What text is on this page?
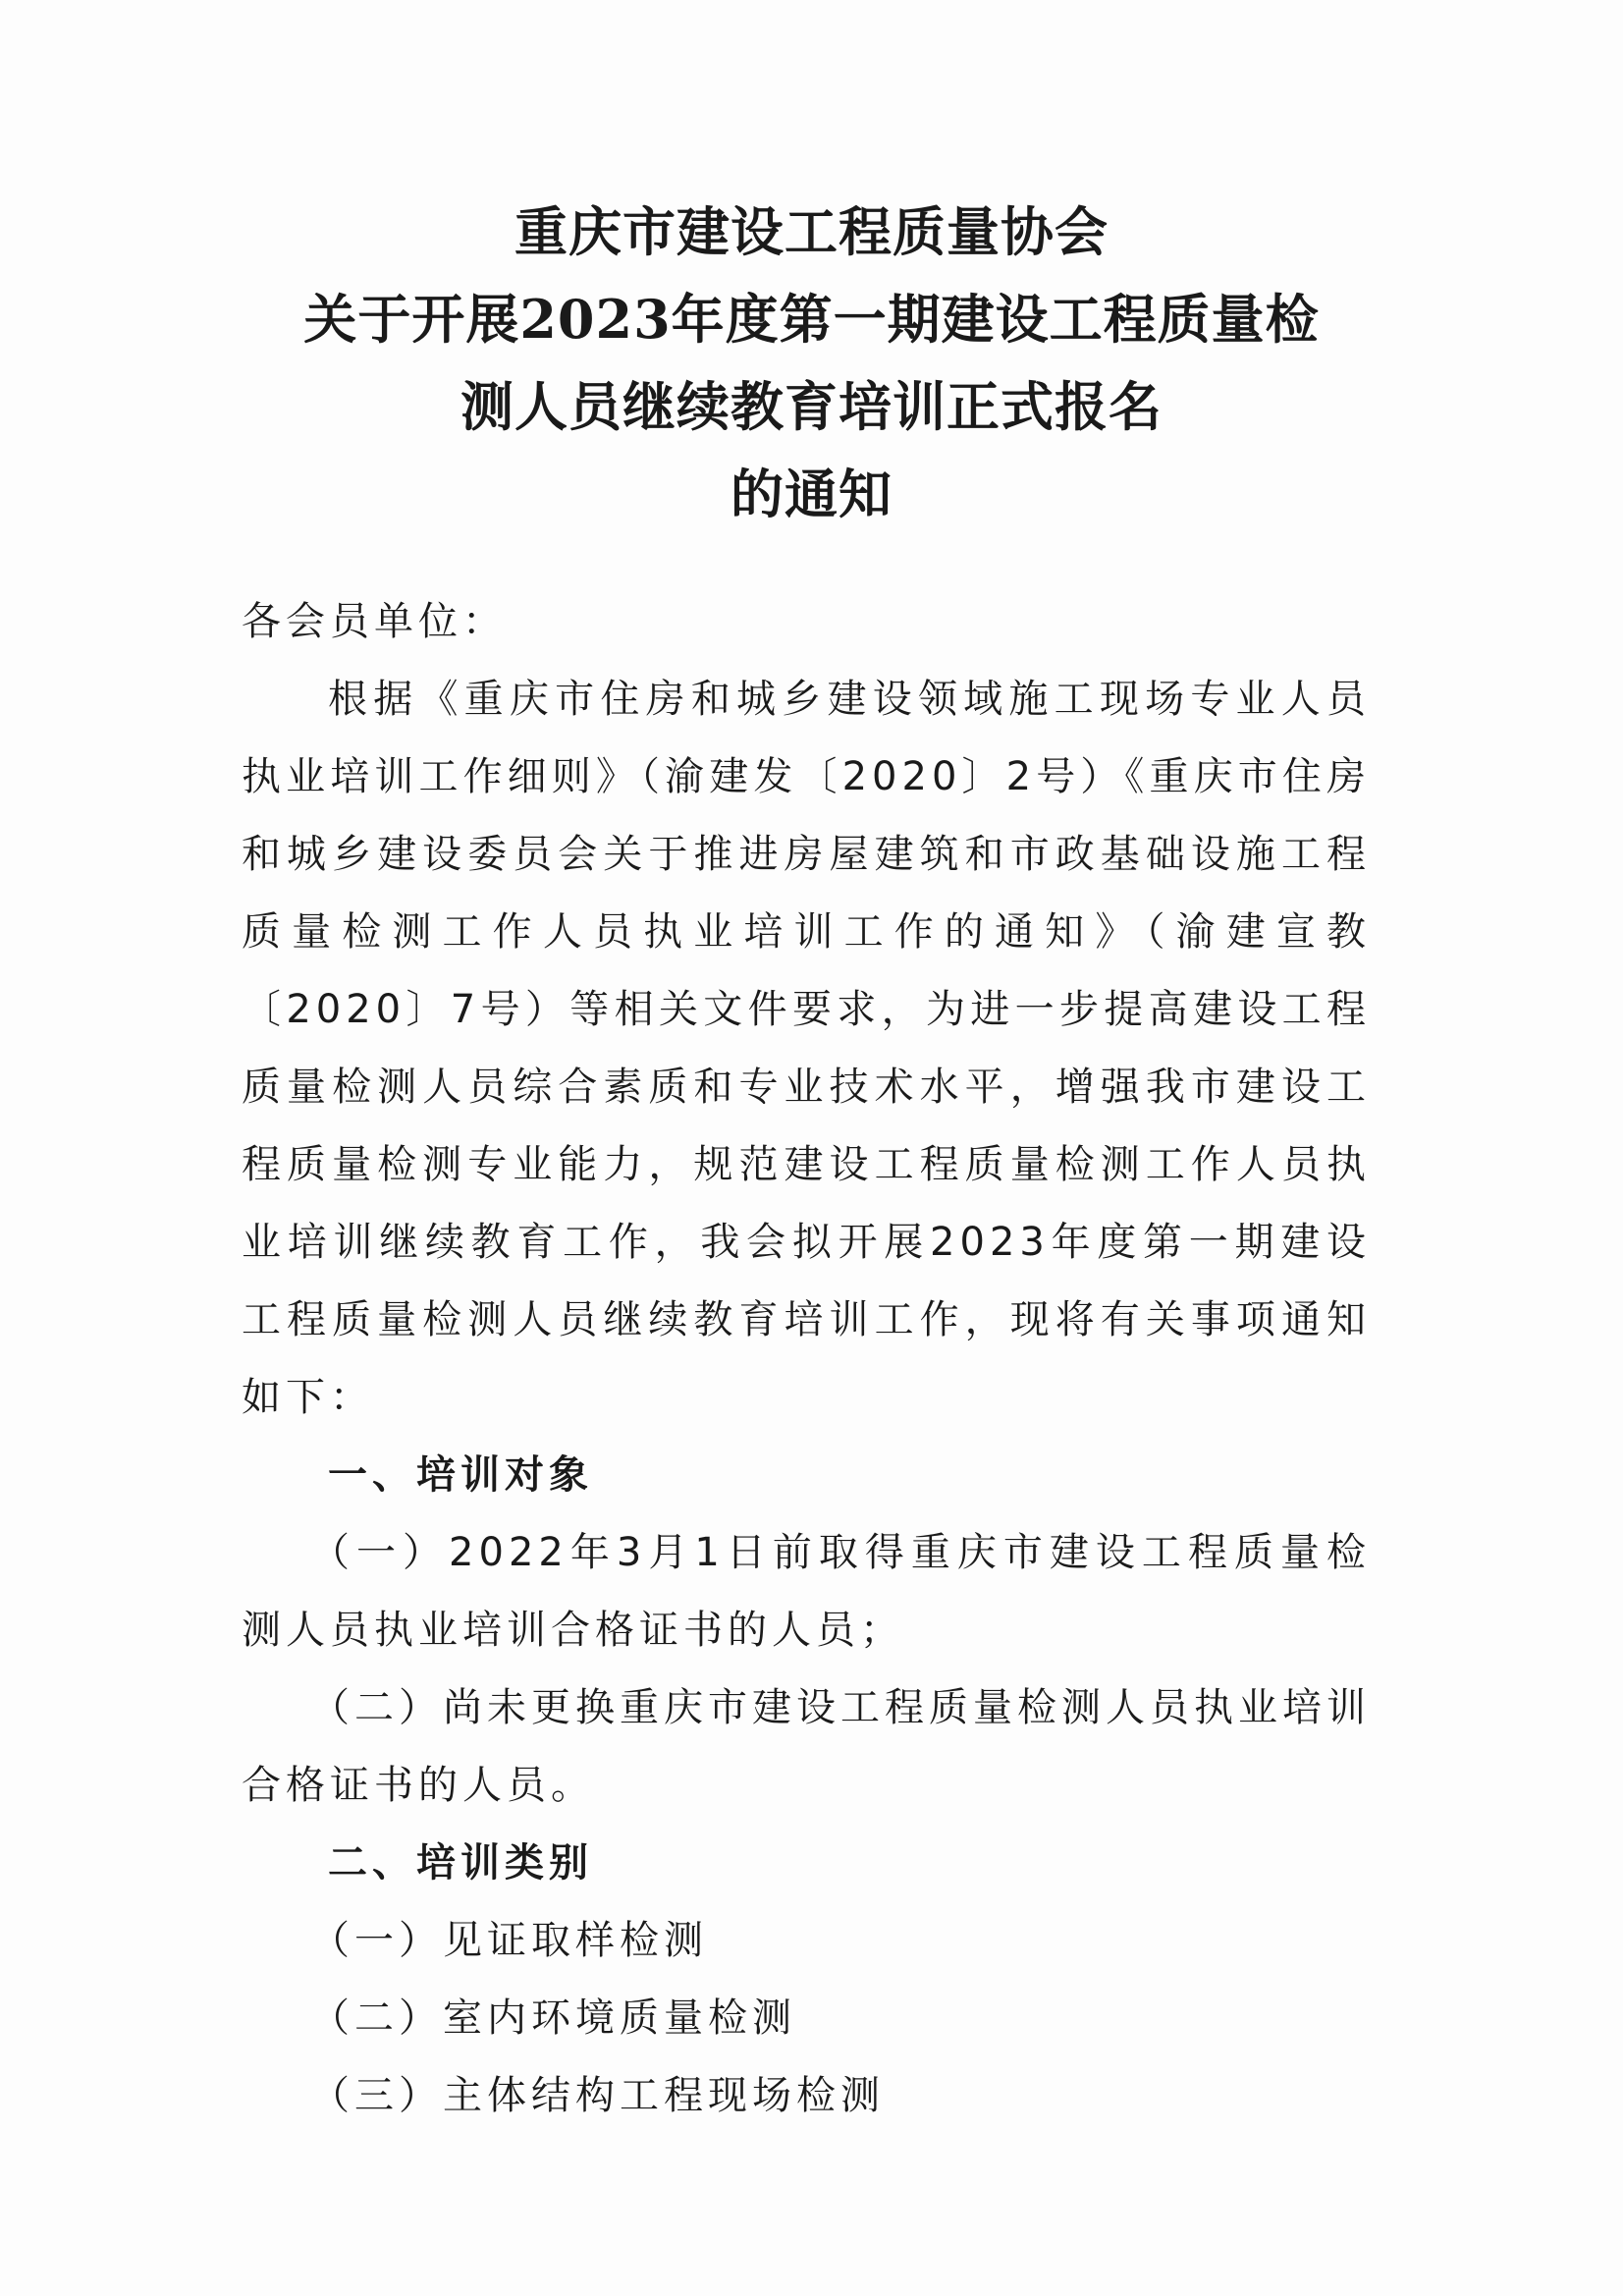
重庆市建设工程质量协会
关于开展2023年度第一期建设工程质量检
测人员继续教育培训正式报名
的通知
各会员单位：
根据《重庆市住房和城乡建设领域施工现场专业人员执业培训工作细则》（渝建发〔2020〕2号）《重庆市住房和城乡建设委员会关于推进房屋建筑和市政基础设施工程质量检测工作人员执业培训工作的通知》（渝建宣教〔2020〕7号）等相关文件要求，为进一步提高建设工程质量检测人员综合素质和专业技术水平，增强我市建设工程质量检测专业能力，规范建设工程质量检测工作人员执业培训继续教育工作，我会拟开展2023年度第一期建设工程质量检测人员继续教育培训工作，现将有关事项通知如下：
一、培训对象
（一）2022年3月1日前取得重庆市建设工程质量检测人员执业培训合格证书的人员；
（二）尚未更换重庆市建设工程质量检测人员执业培训合格证书的人员。
二、培训类别
（一）见证取样检测
（二）室内环境质量检测
（三）主体结构工程现场检测
